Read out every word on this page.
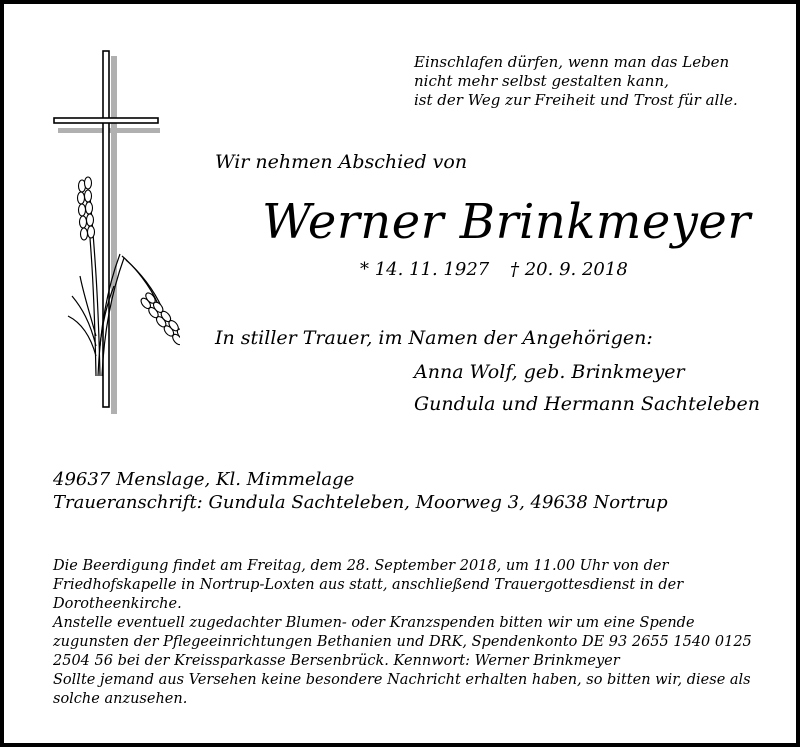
Einschlafen dürfen, wenn man das Leben
nicht mehr selbst gestalten kann,
ist der Weg zur Freiheit und Trost für alle.
Wir nehmen Abschied von
Werner Brinkmeyer
* 14. 11. 1927 † 20. 9. 2018
In stiller Trauer, im Namen der Angehörigen:
Anna Wolf, geb. Brinkmeyer
Gundula und Hermann Sachteleben
49637 Menslage, Kl. Mimmelage
Traueranschrift: Gundula Sachteleben, Moorweg 3, 49638 Nortrup

Die Beerdigung findet am Freitag, dem 28. September 2018, um 11.00 Uhr von der Friedhofskapelle in Nortrup-Loxten aus statt, anschließend Trauergottesdienst in der Dorotheenkirche.

Anstelle eventuell zugedachter Blumen- oder Kranzspenden bitten wir um eine Spende zugunsten der Pflegeeinrichtungen Bethanien und DRK, Spendenkonto DE 93 2655 1540 0125 2504 56 bei der Kreissparkasse Bersenbrück. Kennwort: Werner Brinkmeyer

Sollte jemand aus Versehen keine besondere Nachricht erhalten haben, so bitten wir, diese als solche anzusehen.
